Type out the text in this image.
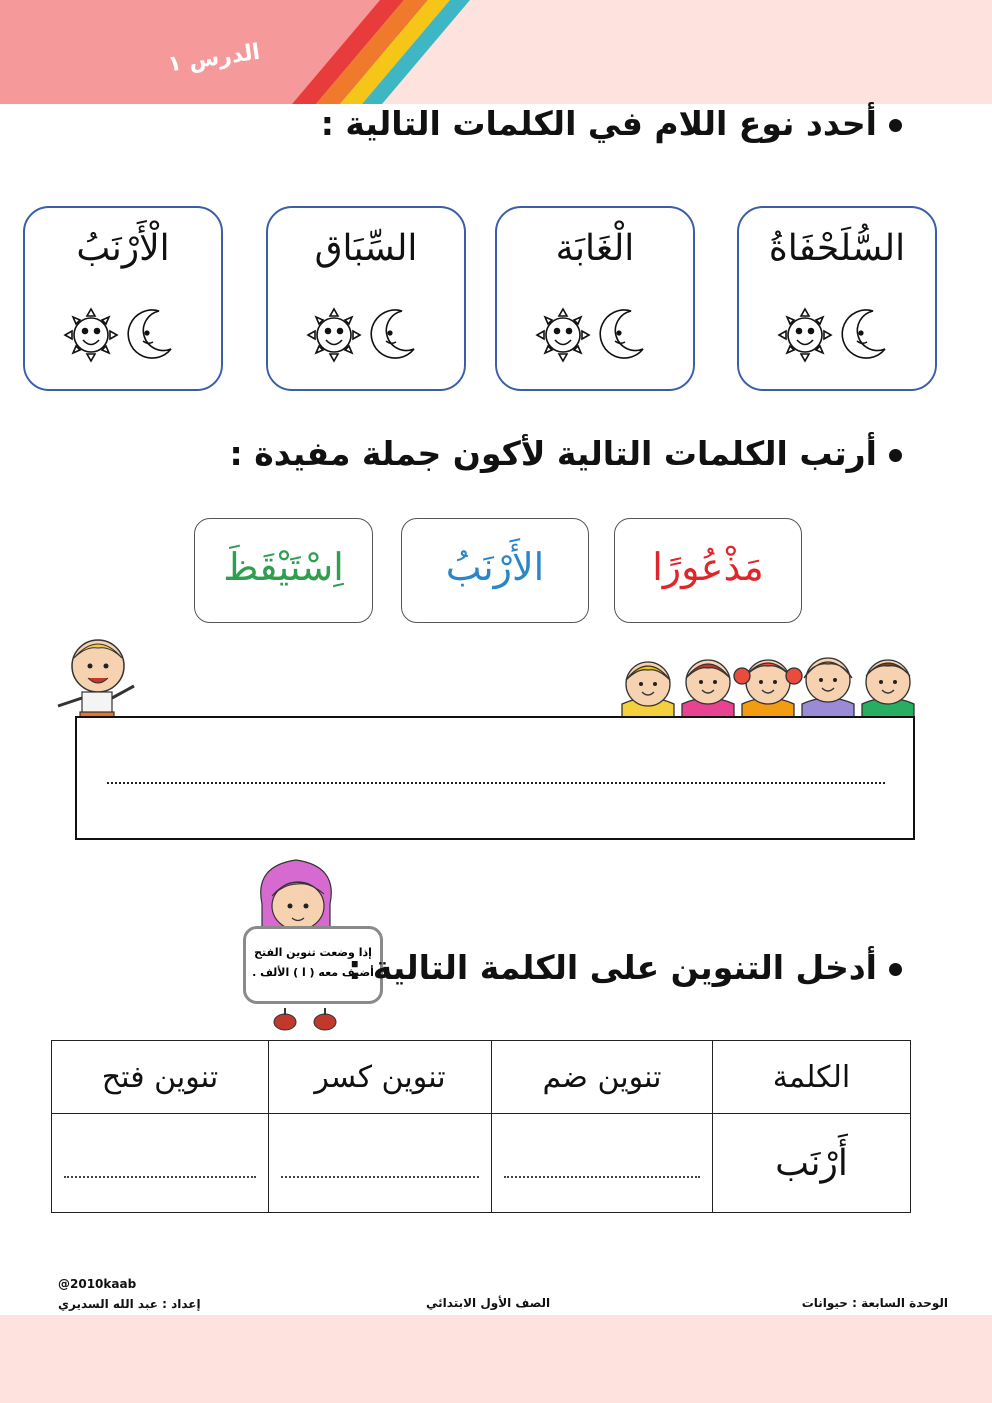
الدرس ١
أحدد نوع اللام في الكلمات التالية :
السُّلَحْفَاةُ
الْغَابَة
السِّبَاق
الْأَرْنَبُ
أرتب الكلمات التالية لأكون جملة مفيدة :
مَذْعُورًا
الأَرْنَبُ
اِسْتَيْقَظَ
إذا وضعت تنوين الفتح
أضيف معه ( ا ) الألف .
أدخل التنوين على الكلمة التالية :
الكلمة	تنوين ضم	تنوين كسر	تنوين فتح
أَرْنَب	

@2010kaab
إعداد : عبد الله السديري	الصف الأول الابتدائي	الوحدة السابعة : حيوانات
